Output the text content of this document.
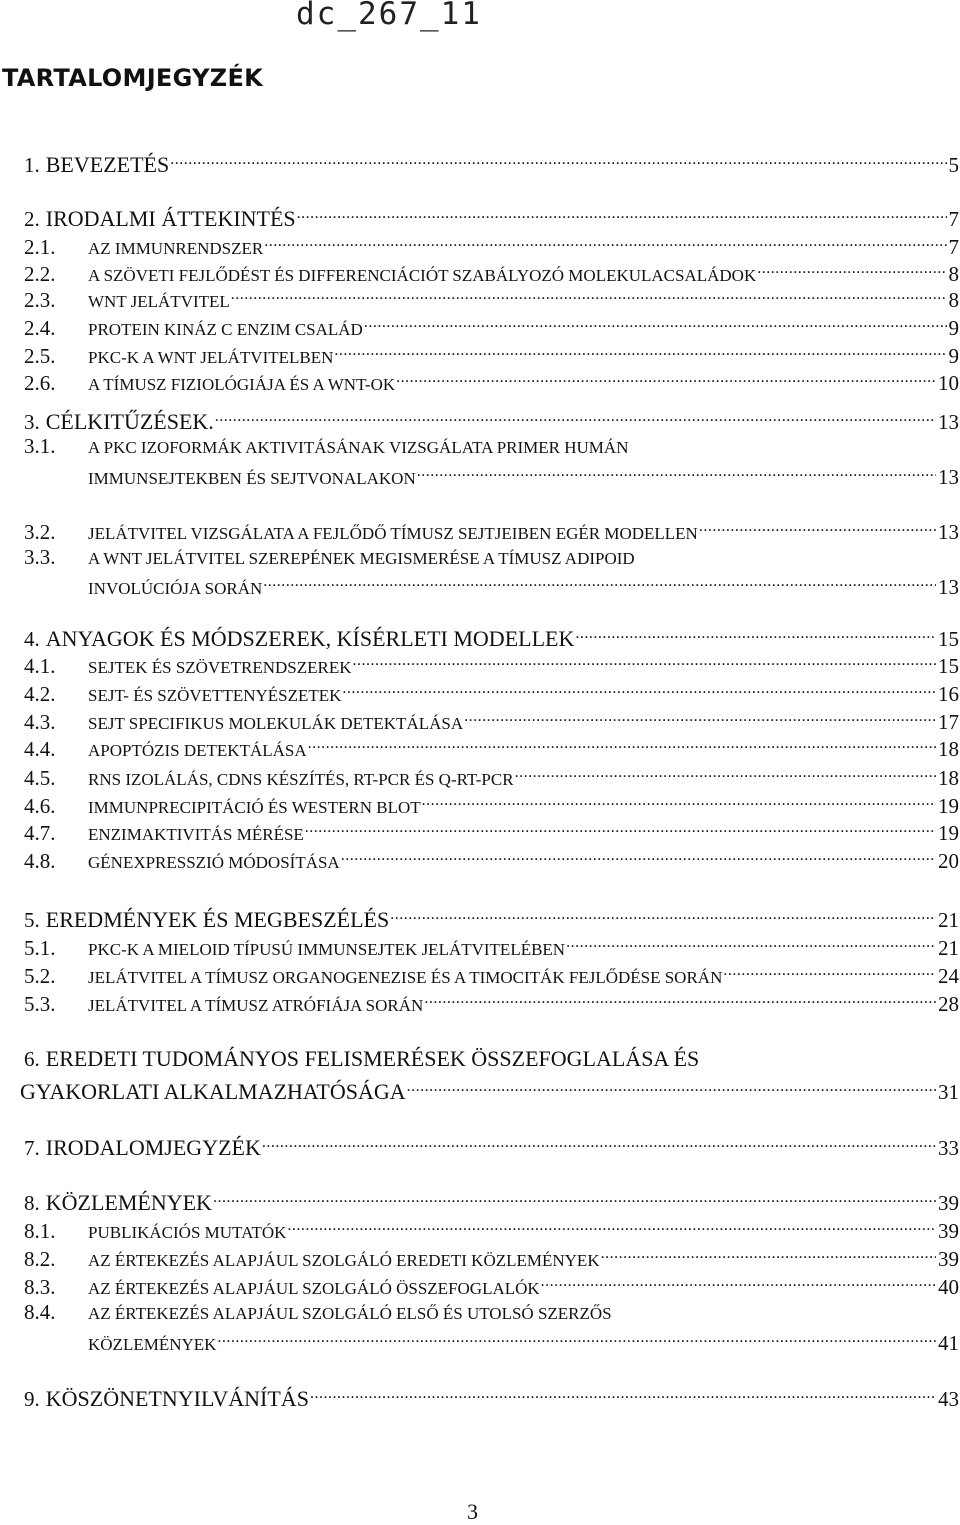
dc_267_11
TARTALOMJEGYZÉK
1. BEVEZETÉS .....	5
2. IRODALMI ÁTTEKINTÉS .....	7
2.1.	AZ IMMUNRENDSZER .....	7
2.2.	A SZÖVETI FEJLŐDÉST ÉS DIFFERENCIÁCIÓT SZABÁLYOZÓ MOLEKULACSALÁDOK .....	8
2.3.	WNT JELÁTVITEL .....	8
2.4.	PROTEIN KINÁZ C ENZIM CSALÁD .....	9
2.5.	PKC-K A WNT JELÁTVITELBEN .....	9
2.6.	A TÍMUSZ FIZIOLÓGIÁJA ÉS A WNT-OK .....	10
3. CÉLKITŰZÉSEK. .....	13
3.1.	A PKC IZOFORMÁK AKTIVITÁSÁNAK VIZSGÁLATA PRIMER HUMÁN
IMMUNSEJTEKBEN ÉS SEJTVONALAKON .....	13
3.2.	JELÁTVITEL VIZSGÁLATA A FEJLŐDŐ TÍMUSZ SEJTJEIBEN EGÉR MODELLEN .....	13
3.3.	A WNT JELÁTVITEL SZEREPÉNEK MEGISMERÉSE A TÍMUSZ ADIPOID
INVOLÚCIÓJA SORÁN .....	13
4. ANYAGOK ÉS MÓDSZEREK, KÍSÉRLETI MODELLEK .....	15
4.1.	SEJTEK ÉS SZÖVETRENDSZEREK .....	15
4.2.	SEJT- ÉS SZÖVETTENYÉSZETEK .....	16
4.3.	SEJT SPECIFIKUS MOLEKULÁK DETEKTÁLÁSA .....	17
4.4.	APOPTÓZIS DETEKTÁLÁSA .....	18
4.5.	RNS IZOLÁLÁS, CDNS KÉSZÍTÉS, RT-PCR ÉS Q-RT-PCR .....	18
4.6.	IMMUNPRECIPITÁCIÓ ÉS WESTERN BLOT .....	19
4.7.	ENZIMAKTIVITÁS MÉRÉSE .....	19
4.8.	GÉNEXPRESSZIÓ MÓDOSÍTÁSA .....	20
5. EREDMÉNYEK ÉS MEGBESZÉLÉS .....	21
5.1.	PKC-K A MIELOID TÍPUSÚ IMMUNSEJTEK JELÁTVITELÉBEN .....	21
5.2.	JELÁTVITEL A TÍMUSZ ORGANOGENEZISE ÉS A TIMOCITÁK FEJLŐDÉSE SORÁN .....	24
5.3.	JELÁTVITEL A TÍMUSZ ATRÓFIÁJA SORÁN .....	28
6. EREDETI TUDOMÁNYOS FELISMERÉSEK ÖSSZEFOGLALÁSA ÉS
GYAKORLATI ALKALMAZHATÓSÁGA .....	31
7. IRODALOMJEGYZÉK .....	33
8. KÖZLEMÉNYEK .....	39
8.1.	PUBLIKÁCIÓS MUTATÓK .....	39
8.2.	AZ ÉRTEKEZÉS ALAPJÁUL SZOLGÁLÓ EREDETI KÖZLEMÉNYEK .....	39
8.3.	AZ ÉRTEKEZÉS ALAPJÁUL SZOLGÁLÓ ÖSSZEFOGLALÓK .....	40
8.4.	AZ ÉRTEKEZÉS ALAPJÁUL SZOLGÁLÓ ELSŐ ÉS UTOLSÓ SZERZŐS
KÖZLEMÉNYEK .....	41
9. KÖSZÖNETNYILVÁNÍTÁS .....	43
3
